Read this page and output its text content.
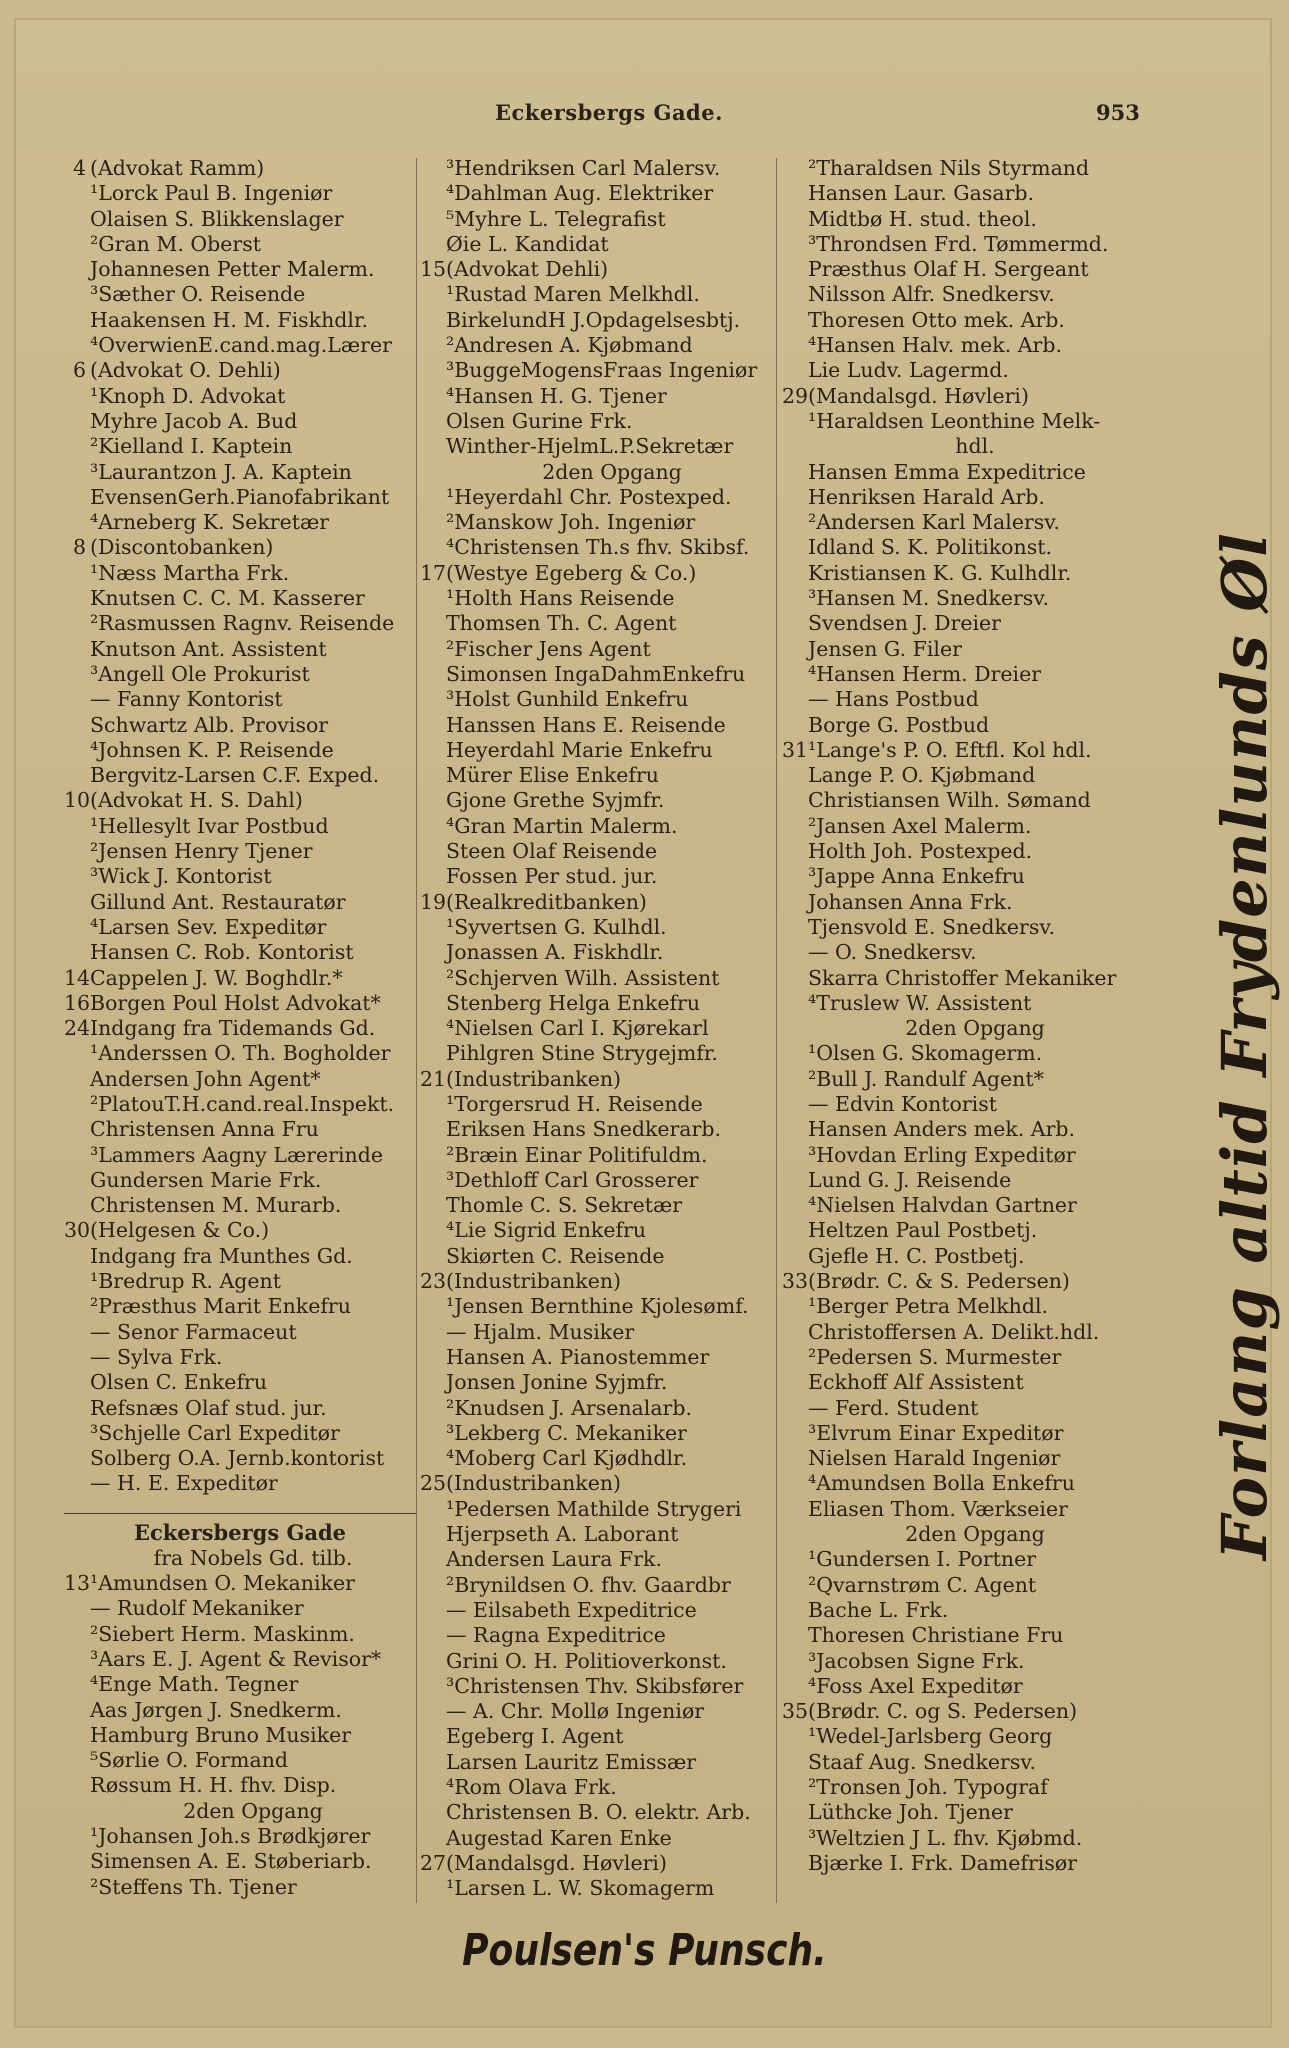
Eckersbergs Gade.	953
4 (Advokat Ramm)
¹Lorck Paul B. Ingeniør
Olaisen S. Blikkenslager
²Gran M. Oberst
Johannesen Petter Malerm.
³Sæther O. Reisende
Haakensen H. M. Fiskhdlr.
⁴OverwienE.cand.mag.Lærer
6 (Advokat O. Dehli)
¹Knoph D. Advokat
Myhre Jacob A. Bud
²Kielland I. Kaptein
³Laurantzon J. A. Kaptein
EvensenGerh.Pianofabrikant
⁴Arneberg K. Sekretær
8 (Discontobanken)
¹Næss Martha Frk.
Knutsen C. C. M. Kasserer
²Rasmussen Ragnv. Reisende
Knutson Ant. Assistent
³Angell Ole Prokurist
— Fanny Kontorist
Schwartz Alb. Provisor
⁴Johnsen K. P. Reisende
Bergvitz-Larsen C.F. Exped.
10(Advokat H. S. Dahl)
¹Hellesylt Ivar Postbud
²Jensen Henry Tjener
³Wick J. Kontorist
Gillund Ant. Restauratør
⁴Larsen Sev. Expeditør
Hansen C. Rob. Kontorist
14Cappelen J. W. Boghdlr.*
16Borgen Poul Holst Advokat*
24Indgang fra Tidemands Gd.
¹Anderssen O. Th. Bogholder
Andersen John Agent*
²PlatouT.H.cand.real.Inspekt.
Christensen Anna Fru
³Lammers Aagny Lærerinde
Gundersen Marie Frk.
Christensen M. Murarb.
30(Helgesen & Co.)
Indgang fra Munthes Gd.
¹Bredrup R. Agent
²Præsthus Marit Enkefru
— Senor Farmaceut
— Sylva Frk.
Olsen C. Enkefru
Refsnæs Olaf stud. jur.
³Schjelle Carl Expeditør
Solberg O.A. Jernb.kontorist
— H. E. Expeditør
Eckersbergs Gade
fra Nobels Gd. tilb.
13¹Amundsen O. Mekaniker
— Rudolf Mekaniker
²Siebert Herm. Maskinm.
³Aars E. J. Agent & Revisor*
⁴Enge Math. Tegner
Aas Jørgen J. Snedkerm.
Hamburg Bruno Musiker
⁵Sørlie O. Formand
Røssum H. H. fhv. Disp.
2den Opgang
¹Johansen Joh.s Brødkjører
Simensen A. E. Støberiarb.
²Steffens Th. Tjener
³Hendriksen Carl Malersv.
⁴Dahlman Aug. Elektriker
⁵Myhre L. Telegrafist
Øie L. Kandidat
15(Advokat Dehli)
¹Rustad Maren Melkhdl.
BirkelundH J.Opdagelsesbtj.
²Andresen A. Kjøbmand
³BuggeMogensFraas Ingeniør
⁴Hansen H. G. Tjener
Olsen Gurine Frk.
Winther-HjelmL.P.Sekretær
2den Opgang
¹Heyerdahl Chr. Postexped.
²Manskow Joh. Ingeniør
⁴Christensen Th.s fhv. Skibsf.
17(Westye Egeberg & Co.)
¹Holth Hans Reisende
Thomsen Th. C. Agent
²Fischer Jens Agent
Simonsen IngaDahmEnkefru
³Holst Gunhild Enkefru
Hanssen Hans E. Reisende
Heyerdahl Marie Enkefru
Mürer Elise Enkefru
Gjone Grethe Syjmfr.
⁴Gran Martin Malerm.
Steen Olaf Reisende
Fossen Per stud. jur.
19(Realkreditbanken)
¹Syvertsen G. Kulhdl.
Jonassen A. Fiskhdlr.
²Schjerven Wilh. Assistent
Stenberg Helga Enkefru
⁴Nielsen Carl I. Kjørekarl
Pihlgren Stine Strygejmfr.
21(Industribanken)
¹Torgersrud H. Reisende
Eriksen Hans Snedkerarb.
²Bræin Einar Politifuldm.
³Dethloff Carl Grosserer
Thomle C. S. Sekretær
⁴Lie Sigrid Enkefru
Skiørten C. Reisende
23(Industribanken)
¹Jensen Bernthine Kjolesømf.
— Hjalm. Musiker
Hansen A. Pianostemmer
Jonsen Jonine Syjmfr.
²Knudsen J. Arsenalarb.
³Lekberg C. Mekaniker
⁴Moberg Carl Kjødhdlr.
25(Industribanken)
¹Pedersen Mathilde Strygeri
Hjerpseth A. Laborant
Andersen Laura Frk.
²Brynildsen O. fhv. Gaardbr
— Eilsabeth Expeditrice
— Ragna Expeditrice
Grini O. H. Politioverkonst.
³Christensen Thv. Skibsfører
— A. Chr. Mollø Ingeniør
Egeberg I. Agent
Larsen Lauritz Emissær
⁴Rom Olava Frk.
Christensen B. O. elektr. Arb.
Augestad Karen Enke
27(Mandalsgd. Høvleri)
¹Larsen L. W. Skomagerm
²Tharaldsen Nils Styrmand
Hansen Laur. Gasarb.
Midtbø H. stud. theol.
³Throndsen Frd. Tømmermd.
Præsthus Olaf H. Sergeant
Nilsson Alfr. Snedkersv.
Thoresen Otto mek. Arb.
⁴Hansen Halv. mek. Arb.
Lie Ludv. Lagermd.
29(Mandalsgd. Høvleri)
¹Haraldsen Leonthine Melk-
hdl.
Hansen Emma Expeditrice
Henriksen Harald Arb.
²Andersen Karl Malersv.
Idland S. K. Politikonst.
Kristiansen K. G. Kulhdlr.
³Hansen M. Snedkersv.
Svendsen J. Dreier
Jensen G. Filer
⁴Hansen Herm. Dreier
— Hans Postbud
Borge G. Postbud
31¹Lange's P. O. Eftfl. Kol hdl.
Lange P. O. Kjøbmand
Christiansen Wilh. Sømand
²Jansen Axel Malerm.
Holth Joh. Postexped.
³Jappe Anna Enkefru
Johansen Anna Frk.
Tjensvold E. Snedkersv.
— O. Snedkersv.
Skarra Christoffer Mekaniker
⁴Truslew W. Assistent
2den Opgang
¹Olsen G. Skomagerm.
²Bull J. Randulf Agent*
— Edvin Kontorist
Hansen Anders mek. Arb.
³Hovdan Erling Expeditør
Lund G. J. Reisende
⁴Nielsen Halvdan Gartner
Heltzen Paul Postbetj.
Gjefle H. C. Postbetj.
33(Brødr. C. & S. Pedersen)
¹Berger Petra Melkhdl.
Christoffersen A. Delikt.hdl.
²Pedersen S. Murmester
Eckhoff Alf Assistent
— Ferd. Student
³Elvrum Einar Expeditør
Nielsen Harald Ingeniør
⁴Amundsen Bolla Enkefru
Eliasen Thom. Værkseier
2den Opgang
¹Gundersen I. Portner
²Qvarnstrøm C. Agent
Bache L. Frk.
Thoresen Christiane Fru
³Jacobsen Signe Frk.
⁴Foss Axel Expeditør
35(Brødr. C. og S. Pedersen)
¹Wedel-Jarlsberg Georg
Staaf Aug. Snedkersv.
²Tronsen Joh. Typograf
Lüthcke Joh. Tjener
³Weltzien J L. fhv. Kjøbmd.
Bjærke I. Frk. Damefrisør
Forlang altid Frydenlunds Øl
Poulsen's Punsch.
